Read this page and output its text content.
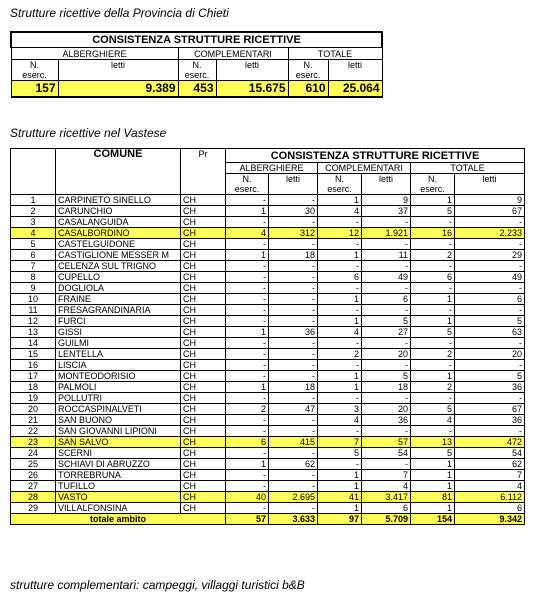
Strutture ricettive della Provincia di Chieti
CONSISTENZA STRUTTURE RICETTIVE					
ALBERGHIERE		COMPLEMENTARI		TOTALE	
N.
eserc.	letti	N.
eserc.	letti	N.
eserc.	letti
157	9.389	453	15.675	610	25.064
Strutture ricettive nel Vastese
	COMUNE	Pr	CONSISTENZA STRUTTURE RICETTIVE					
			ALBERGHIERE		COMPLEMENTARI		TOTALE	
			N.
eserc.	letti	N.
eserc.	letti	N.
eserc.	letti

1	CARPINETO SINELLO	CH	-	-	1	9	1	9
2	CARUNCHIO	CH	1	30	4	37	5	67
3	CASALANGUIDA	CH	-	-	-	-	-	-
4	CASALBORDINO	CH	4	312	12	1.921	16	2.233
5	CASTELGUIDONE	CH	-	-	-	-	-	-
6	CASTIGLIONE MESSER M	CH	1	18	1	11	2	29
7	CELENZA SUL TRIGNO	CH	-	-	-	-	-	-
8	CUPELLO	CH	-	-	6	49	6	49
9	DOGLIOLA	CH	-	-	-	-	-	-
10	FRAINE	CH	-	-	1	6	1	6
11	FRESAGRANDINARIA	CH	-	-	-	-	-	-
12	FURCI	CH	-	-	1	5	1	5
13	GISSI	CH	1	36	4	27	5	63
14	GUILMI	CH	-	-	-	-	-	-
15	LENTELLA	CH	-	-	2	20	2	20
16	LISCIA	CH	-	-	-	-	-	-
17	MONTEODORISIO	CH	-	-	1	5	1	5
18	PALMOLI	CH	1	18	1	18	2	36
19	POLLUTRI	CH	-	-	-	-	-	-
20	ROCCASPINALVETI	CH	2	47	3	20	5	67
21	SAN BUONO	CH	-	-	4	36	4	36
22	SAN GIOVANNI LIPIONI	CH	-	-	-	-	-	-
23	SAN SALVO	CH	6	415	7	57	13	472
24	SCERNI	CH	-	-	5	54	5	54
25	SCHIAVI DI ABRUZZO	CH	1	62	-	-	1	62
26	TORREBRUNA	CH	-	-	1	7	1	7
27	TUFILLO	CH	-	-	1	4	1	4
28	VASTO	CH	40	2.695	41	3.417	81	6.112
29	VILLALFONSINA	CH	-	-	1	6	1	6
totale ambito			57	3.633	97	5.709	154	9.342
strutture complementari: campeggi, villaggi turistici b&B
